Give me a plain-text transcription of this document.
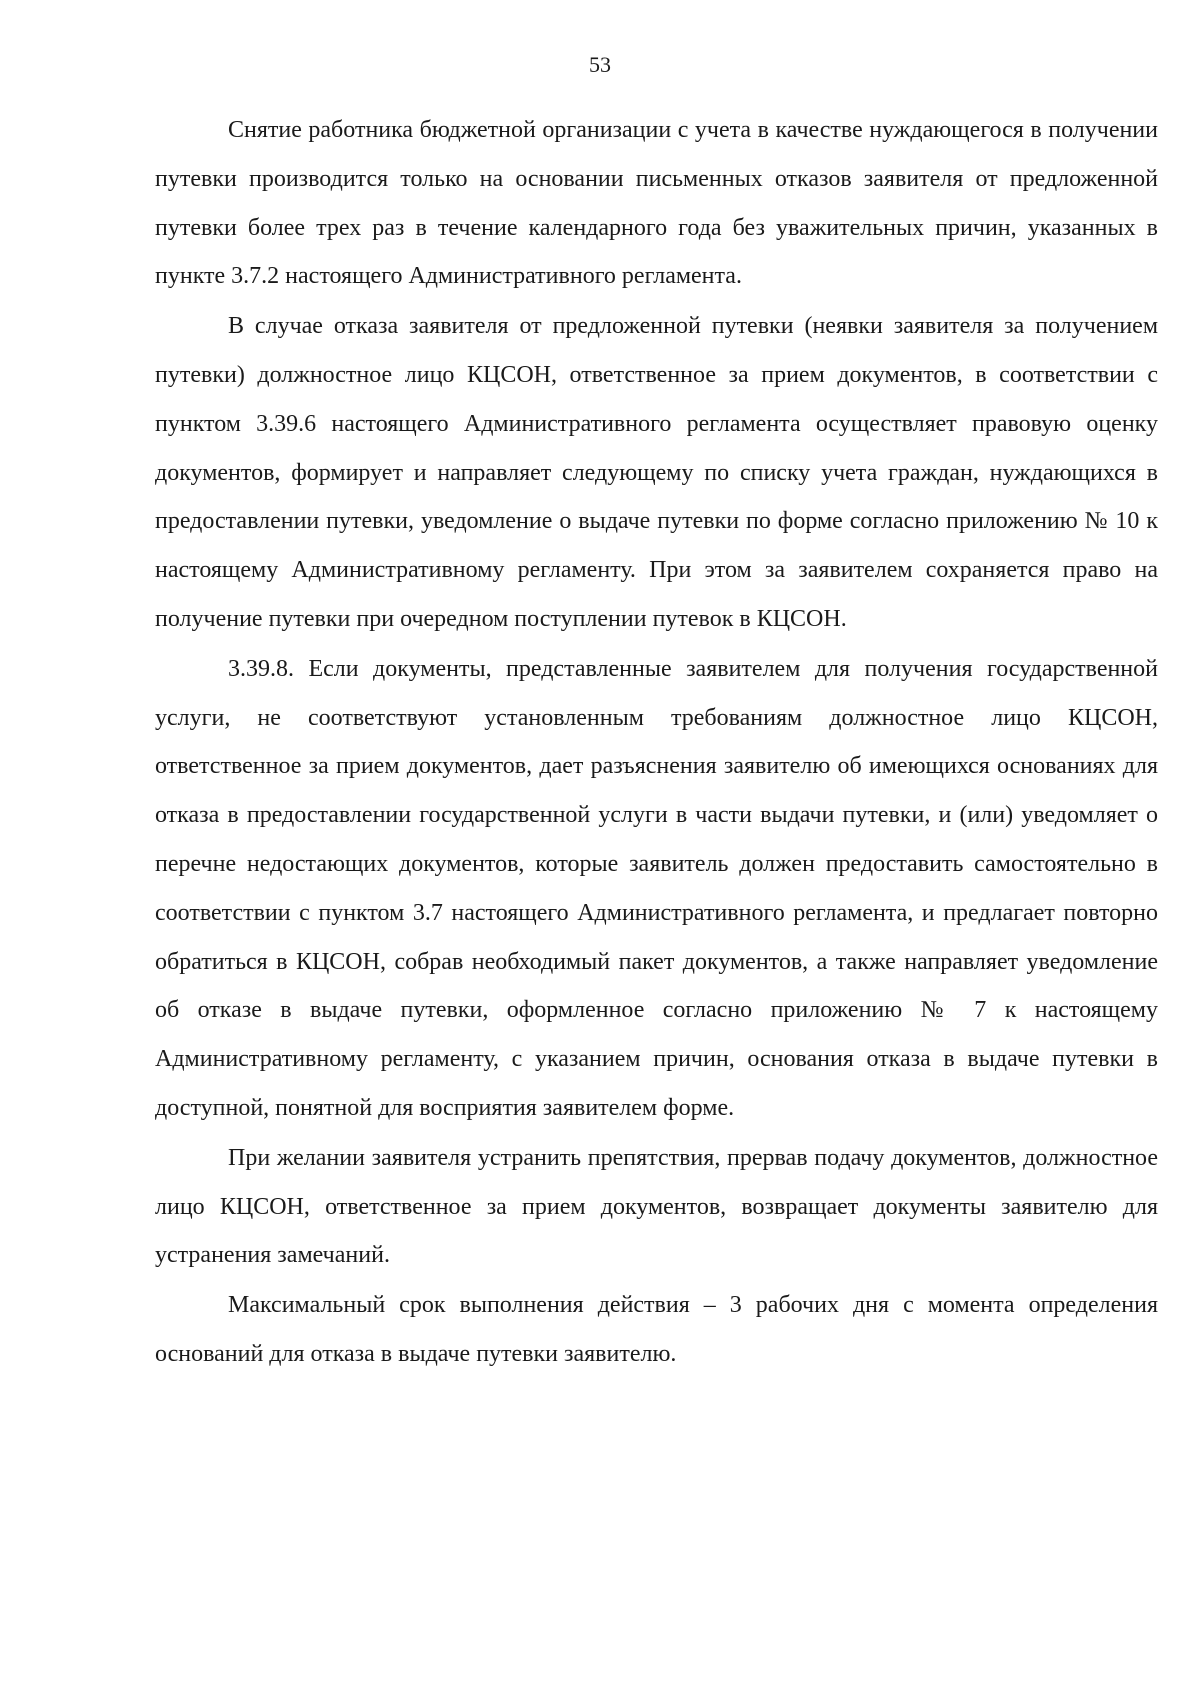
53

Снятие работника бюджетной организации с учета в качестве нуждающегося в получении путевки производится только на основании письменных отказов заявителя от предложенной путевки более трех раз в течение календарного года без уважительных причин, указанных в пункте 3.7.2 настоящего Административного регламента.

В случае отказа заявителя от предложенной путевки (неявки заявителя за получением путевки) должностное лицо КЦСОН, ответственное за прием документов, в соответствии с пунктом 3.39.6 настоящего Административного регламента осуществляет правовую оценку документов, формирует и направляет следующему по списку учета граждан, нуждающихся в предоставлении путевки, уведомление о выдаче путевки по форме согласно приложению № 10 к настоящему Административному регламенту. При этом за заявителем сохраняется право на получение путевки при очередном поступлении путевок в КЦСОН.

3.39.8. Если документы, представленные заявителем для получения государственной услуги, не соответствуют установленным требованиям должностное лицо КЦСОН, ответственное за прием документов, дает разъяснения заявителю об имеющихся основаниях для отказа в предоставлении государственной услуги в части выдачи путевки, и (или) уведомляет о перечне недостающих документов, которые заявитель должен предоставить самостоятельно в соответствии с пунктом 3.7 настоящего Административного регламента, и предлагает повторно обратиться в КЦСОН, собрав необходимый пакет документов, а также направляет уведомление об отказе в выдаче путевки, оформленное согласно приложению № 7 к настоящему Административному регламенту, с указанием причин, основания отказа в выдаче путевки в доступной, понятной для восприятия заявителем форме.

При желании заявителя устранить препятствия, прервав подачу документов, должностное лицо КЦСОН, ответственное за прием документов, возвращает документы заявителю для устранения замечаний.

Максимальный срок выполнения действия – 3 рабочих дня с момента определения оснований для отказа в выдаче путевки заявителю.
